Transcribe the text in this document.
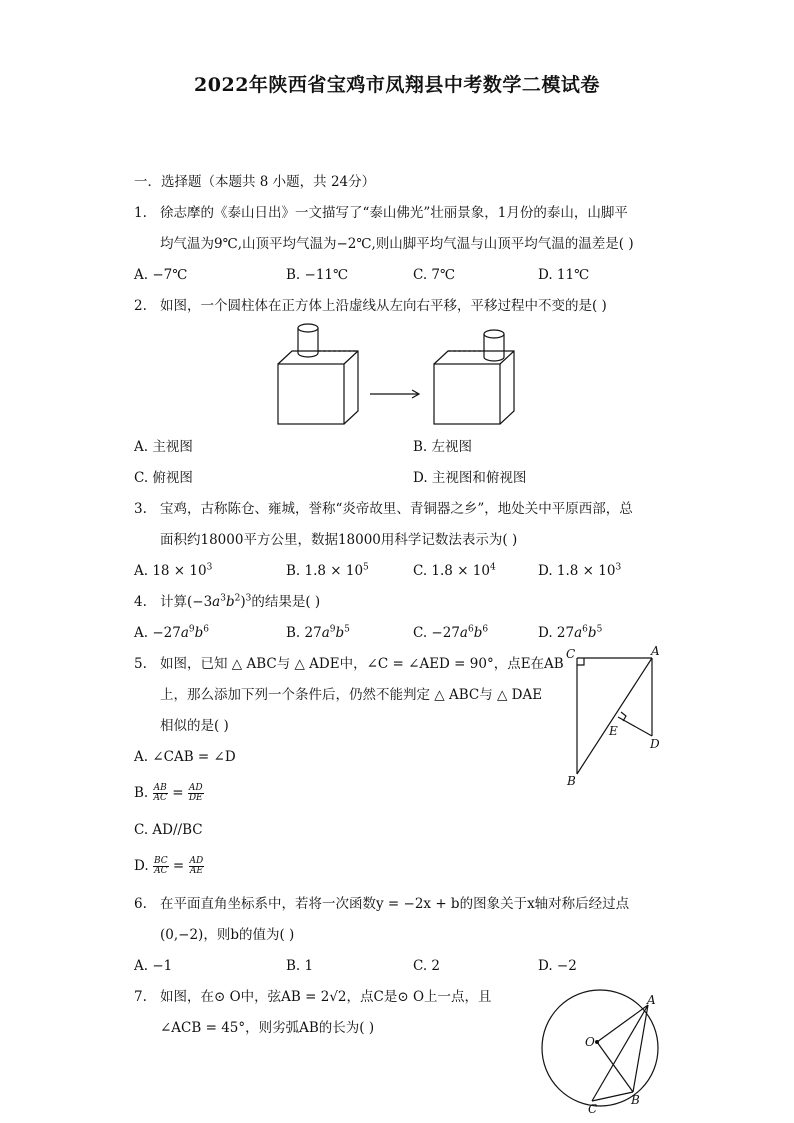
2022年陕西省宝鸡市凤翔县中考数学二模试卷
一．选择题（本题共 8 小题，共 24分）
1. 徐志摩的《泰山日出》一文描写了“泰山佛光”壮丽景象，1月份的泰山，山脚平
均气温为9℃,山顶平均气温为−2℃,则山脚平均气温与山顶平均气温的温差是( )
A. −7℃	B. −11℃	C. 7℃	D. 11℃
2. 如图，一个圆柱体在正方体上沿虚线从左向右平移，平移过程中不变的是( )
A. 主视图	B. 左视图
C. 俯视图	D. 主视图和俯视图
3. 宝鸡，古称陈仓、雍城，誉称“炎帝故里、青铜器之乡”，地处关中平原西部，总
面积约18000平方公里，数据18000用科学记数法表示为( )
A. $18 \times 10^3$	B. $1.8 \times 10^5$	C. $1.8 \times 10^4$	D. $1.8 \times 10^3$
4. 计算$(-3a^3b^2)^3$的结果是( )
A. $-27a^9b^6$	B. $27a^9b^5$	C. $-27a^6b^6$	D. $27a^6b^5$
5. 如图，已知 △ ABC与 △ ADE中，∠C = ∠AED = 90°，点E在AB
上，那么添加下列一个条件后，仍然不能判定 △ ABC与 △ DAE
相似的是( )
A. ∠CAB = ∠D
B. $\frac{AB}{AC} = \frac{AD}{DE}$
C. AD//BC
D. $\frac{BC}{AC} = \frac{AD}{AE}$
C	A
E
D
B
6. 在平面直角坐标系中，若将一次函数y = −2x + b的图象关于x轴对称后经过点
(0,−2)，则b的值为( )
A. −1	B. 1	C. 2	D. −2
7. 如图，在⊙ O中，弦AB = 2√2，点C是⊙ O上一点，且
∠ACB = 45°，则劣弧AB的长为( )
O
A
B
C
